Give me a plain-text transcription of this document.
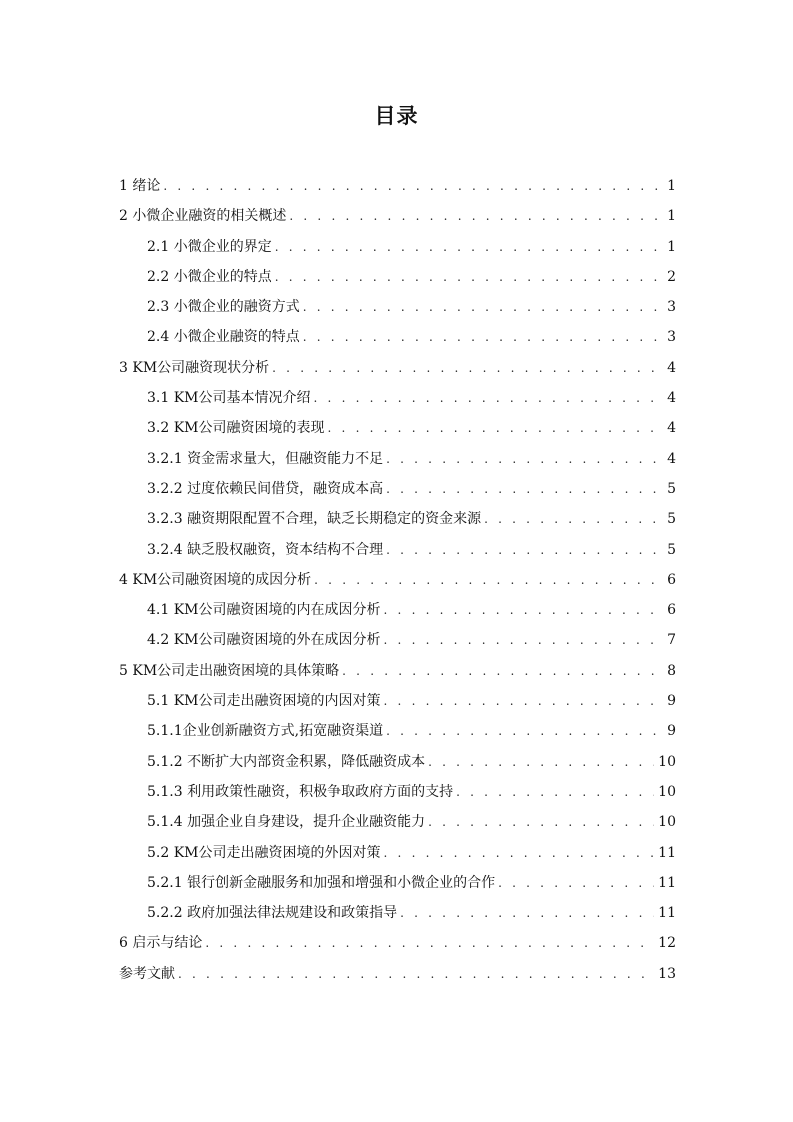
目录
1 绪论 . . .	1
2 小微企业融资的相关概述 . . .	1
2.1 小微企业的界定 . . .	1
2.2 小微企业的特点 . . .	2
2.3 小微企业的融资方式 . . .	3
2.4 小微企业融资的特点 . . .	3
3 KM公司融资现状分析 . . .	4
3.1 KM公司基本情况介绍 . . .	4
3.2 KM公司融资困境的表现 . . .	4
3.2.1 资金需求量大，但融资能力不足 . . .	4
3.2.2 过度依赖民间借贷，融资成本高 . . .	5
3.2.3 融资期限配置不合理，缺乏长期稳定的资金来源 . . .	5
3.2.4 缺乏股权融资，资本结构不合理 . . .	5
4 KM公司融资困境的成因分析 . . .	6
4.1 KM公司融资困境的内在成因分析 . . .	6
4.2 KM公司融资困境的外在成因分析 . . .	7
5 KM公司走出融资困境的具体策略 . . .	8
5.1 KM公司走出融资困境的内因对策 . . .	9
5.1.1企业创新融资方式,拓宽融资渠道 . . .	9
5.1.2 不断扩大内部资金积累，降低融资成本 . . .	10
5.1.3 利用政策性融资，积极争取政府方面的支持 . . .	10
5.1.4 加强企业自身建设，提升企业融资能力 . . .	10
5.2 KM公司走出融资困境的外因对策 . . .	11
5.2.1 银行创新金融服务和加强和增强和小微企业的合作 . . .	11
5.2.2 政府加强法律法规建设和政策指导 . . .	11
6 启示与结论 . . .	12
参考文献 . . .	13
